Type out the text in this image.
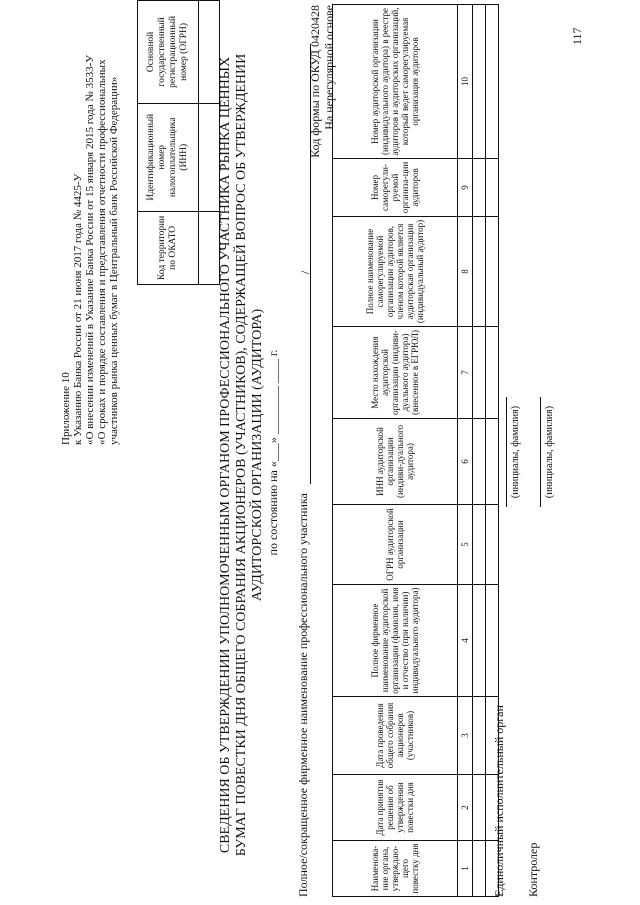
Приложение 10 к Указанию Банка России от 21 июня 2017 года № 4425-У «О внесении изменений в Указание Банка России от 15 января 2015 года № 3533-У «О сроках и порядке составления и представления отчетности профессиональных участников рынка ценных бумаг в Центральный банк Российской Федерации»	Код территории по ОКАТО	Идентификационный номер налогоплательщика (ИНН)	Основной государственный регистрационный номер (ОГРН)

СВЕДЕНИЯ ОБ УТВЕРЖДЕНИИ УПОЛНОМОЧЕННЫМ ОРГАНОМ ПРОФЕССИОНАЛЬНОГО УЧАСТНИКА РЫНКА ЦЕННЫХ БУМАГ ПОВЕСТКИ ДНЯ ОБЩЕГО СОБРАНИЯ АКЦИОНЕРОВ (УЧАСТНИКОВ), СОДЕРЖАЩЕЙ ВОПРОС ОБ УТВЕРЖДЕНИИ АУДИТОРСКОЙ ОРГАНИЗАЦИИ (АУДИТОРА) по состоянию на «___» ________ ____ г.
Полное/сокращенное фирменное наименование профессионального участника /
Код формы по ОКУД 0420428 На нерегулярной основе
Наименова-ние органа, утверждаю-щего повестку дня	Дата принятия решения об утверждении повестки дня	Дата проведения общего собрания акционеров (участников)	Полное фирменное наименование аудиторской организации (фамилия, имя и отчество (при наличии) индивидуального аудитора)	ОГРН аудиторской организации	ИНН аудиторской организации (индиви-дуального аудитора)	Место нахождения аудиторской организации (индиви-дуального аудитора) (внесенное в ЕГРЮЛ)	Полное наименование саморегулируемой организации аудиторов, членом которой является аудиторская организация (индивидуальный аудитор)	Номер саморегули-руемой организа-ции аудиторов	Номер аудиторской организации (индивидуального аудитора) в реестре аудиторов и аудиторских организаций, который ведет саморегулируемая организация аудиторов
1	2	3	4	5	6	7	8	9	10

Единоличный исполнительный орган
(инициалы, фамилия)
Контролер
(инициалы, фамилия)
117
